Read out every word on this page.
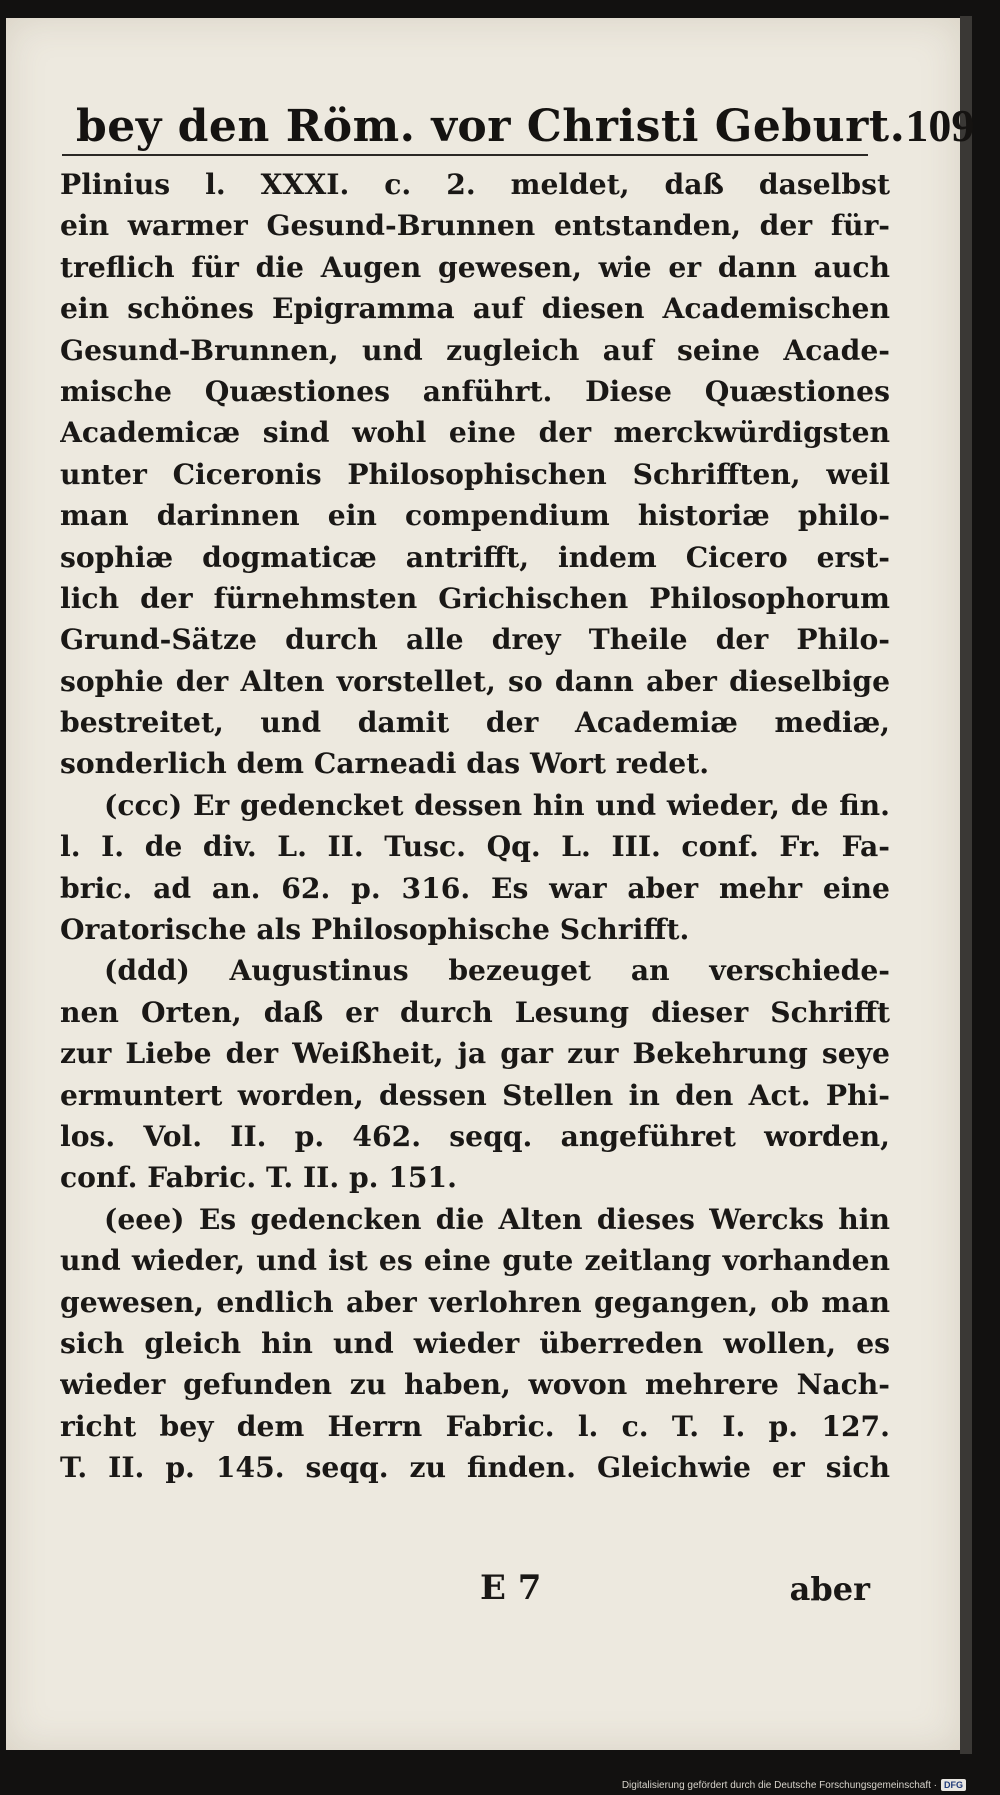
bey den Röm. vor Christi Geburt. 109
Plinius l. XXXI. c. 2. meldet, daß daselbst
ein warmer Gesund-Brunnen entstanden, der für-
treflich für die Augen gewesen, wie er dann auch
ein schönes Epigramma auf diesen Academischen
Gesund-Brunnen, und zugleich auf seine Acade-
mische Quæstiones anführt. Diese Quæstiones
Academicæ sind wohl eine der merckwürdigsten
unter Ciceronis Philosophischen Schrifften, weil
man darinnen ein compendium historiæ philo-
sophiæ dogmaticæ antrifft, indem Cicero erst-
lich der fürnehmsten Grichischen Philosophorum
Grund-Sätze durch alle drey Theile der Philo-
sophie der Alten vorstellet, so dann aber dieselbige
bestreitet, und damit der Academiæ mediæ,
sonderlich dem Carneadi das Wort redet.
(ccc) Er gedencket dessen hin und wieder, de fin.
l. I. de div. L. II. Tusc. Qq. L. III. conf. Fr. Fa-
bric. ad an. 62. p. 316. Es war aber mehr eine
Oratorische als Philosophische Schrifft.
(ddd) Augustinus bezeuget an verschiede-
nen Orten, daß er durch Lesung dieser Schrifft
zur Liebe der Weißheit, ja gar zur Bekehrung seye
ermuntert worden, dessen Stellen in den Act. Phi-
los. Vol. II. p. 462. seqq. angeführet worden,
conf. Fabric. T. II. p. 151.
(eee) Es gedencken die Alten dieses Wercks hin
und wieder, und ist es eine gute zeitlang vorhanden
gewesen, endlich aber verlohren gegangen, ob man
sich gleich hin und wieder überreden wollen, es
wieder gefunden zu haben, wovon mehrere Nach-
richt bey dem Herrn Fabric. l. c. T. I. p. 127.
T. II. p. 145. seqq. zu finden. Gleichwie er sich
E 7	aber
Digitalisierung gefördert durch die Deutsche Forschungsgemeinschaft · DFG
